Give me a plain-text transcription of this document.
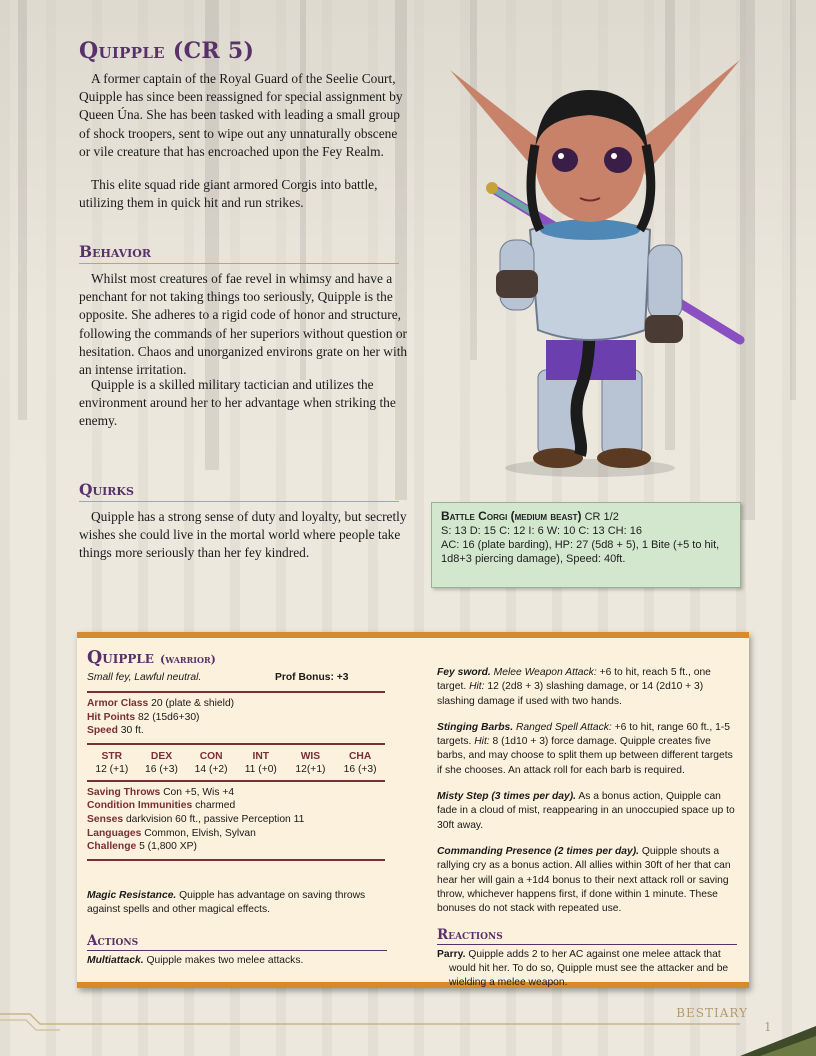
Quipple (CR 5)

A former captain of the Royal Guard of the Seelie Court, Quipple has since been reassigned for special assignment by Queen Úna. She has been tasked with leading a small group of shock troopers, sent to wipe out any unnaturally obscene or vile creature that has encroached upon the Fey Realm.

This elite squad ride giant armored Corgis into battle, utilizing them in quick hit and run strikes.

Behavior

Whilst most creatures of fae revel in whimsy and have a penchant for not taking things too seriously, Quipple is the opposite. She adheres to a rigid code of honor and structure, following the commands of her superiors without question or hesitation. Chaos and unorganized environs grate on her with an intense irritation.

Quipple is a skilled military tactician and utilizes the environment around her to her advantage when striking the enemy.

Quirks

Quipple has a strong sense of duty and loyalty, but secretly wishes she could live in the mortal world where people take things more seriously than her fey kindred.

Battle Corgi (medium beast) CR 1/2
S: 13 D: 15 C: 12 I: 6 W: 10 C: 13 CH: 16
AC: 16 (plate barding), HP: 27 (5d8 + 5), 1 Bite (+5 to hit,
1d8+3 piercing damage), Speed: 40ft.
Quipple (warrior)
Small fey, Lawful neutral.	Prof Bonus: +3
Armor Class 20 (plate & shield)
Hit Points 82 (15d6+30)
Speed 30 ft.
STR
12 (+1)
DEX
16 (+3)
CON
14 (+2)
INT
11 (+0)
WIS
12(+1)
CHA
16 (+3)
Saving Throws Con +5, Wis +4
Condition Immunities charmed
Senses darkvision 60 ft., passive Perception 11
Languages Common, Elvish, Sylvan
Challenge 5 (1,800 XP)
Magic Resistance. Quipple has advantage on saving throws against spells and other magical effects.
Actions
Multiattack. Quipple makes two melee attacks.

Fey sword. Melee Weapon Attack: +6 to hit, reach 5 ft., one target. Hit: 12 (2d8 + 3) slashing damage, or 14 (2d10 + 3) slashing damage if used with two hands.

Stinging Barbs. Ranged Spell Attack: +6 to hit, range 60 ft., 1-5 targets. Hit: 8 (1d10 + 3) force damage. Quipple creates five barbs, and may choose to split them up between different targets if she chooses. An attack roll for each barb is required.

Misty Step (3 times per day). As a bonus action, Quipple can fade in a cloud of mist, reappearing in an unoccupied space up to 30ft away.

Commanding Presence (2 times per day). Quipple shouts a rallying cry as a bonus action. All allies within 30ft of her that can hear her will gain a +1d4 bonus to their next attack roll or saving throw, whichever happens first, if done within 1 minute. These bonuses do not stack with repeated use.

Reactions

Parry. Quipple adds 2 to her AC against one melee attack that would hit her. To do so, Quipple must see the attacker and be wielding a melee weapon.

BESTIARY
1
